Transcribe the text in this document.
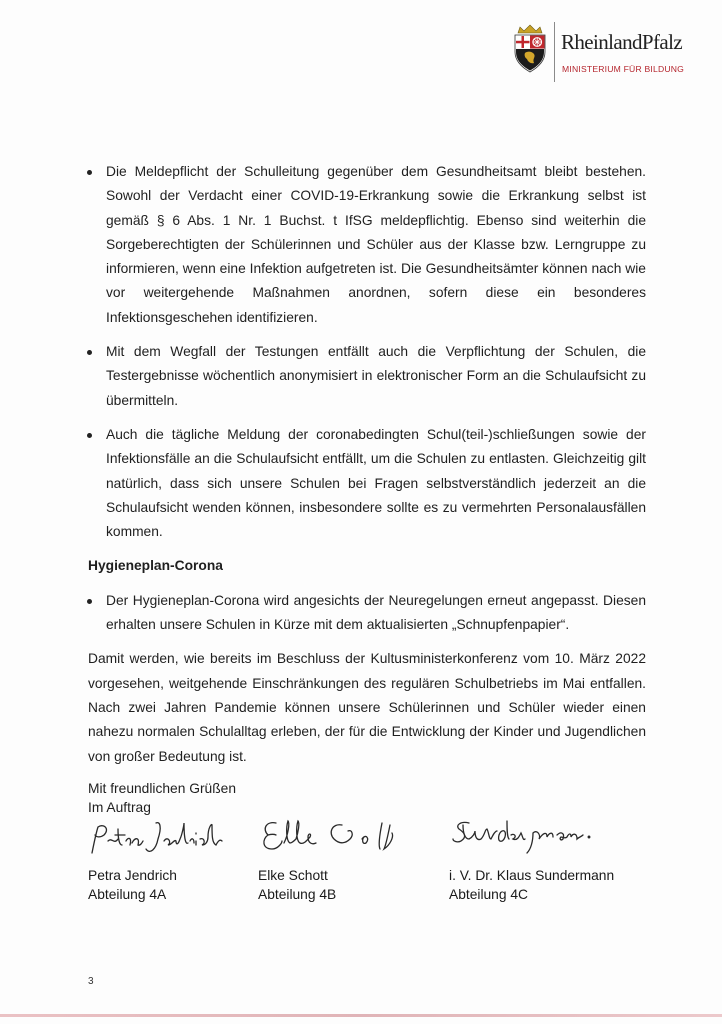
RheinlandPfalz
MINISTERIUM FÜR BILDUNG
Die Meldepflicht der Schulleitung gegenüber dem Gesundheitsamt bleibt bestehen. Sowohl der Verdacht einer COVID-19-Erkrankung sowie die Erkrankung selbst ist gemäß § 6 Abs. 1 Nr. 1 Buchst. t IfSG meldepflichtig. Ebenso sind weiterhin die Sorgeberechtigten der Schülerinnen und Schüler aus der Klasse bzw. Lerngruppe zu informieren, wenn eine Infektion aufgetreten ist. Die Gesundheitsämter können nach wie vor weitergehende Maßnahmen anordnen, sofern diese ein besonderes Infektionsgeschehen identifizieren.
Mit dem Wegfall der Testungen entfällt auch die Verpflichtung der Schulen, die Testergebnisse wöchentlich anonymisiert in elektronischer Form an die Schulaufsicht zu übermitteln.
Auch die tägliche Meldung der coronabedingten Schul(teil-)schließungen sowie der Infektionsfälle an die Schulaufsicht entfällt, um die Schulen zu entlasten. Gleichzeitig gilt natürlich, dass sich unsere Schulen bei Fragen selbstverständlich jederzeit an die Schulaufsicht wenden können, insbesondere sollte es zu vermehrten Personalausfällen kommen.
Hygieneplan-Corona
Der Hygieneplan-Corona wird angesichts der Neuregelungen erneut angepasst. Diesen erhalten unsere Schulen in Kürze mit dem aktualisierten „Schnupfenpapier“.

Damit werden, wie bereits im Beschluss der Kultusministerkonferenz vom 10. März 2022 vorgesehen, weitgehende Einschränkungen des regulären Schulbetriebs im Mai entfallen. Nach zwei Jahren Pandemie können unsere Schülerinnen und Schüler wieder einen nahezu normalen Schulalltag erleben, der für die Entwicklung der Kinder und Jugendlichen von großer Bedeutung ist.

Mit freundlichen Grüßen
Im Auftrag
Petra Jendrich
Abteilung 4A
Elke Schott
Abteilung 4B
i. V. Dr. Klaus Sundermann
Abteilung 4C
3
